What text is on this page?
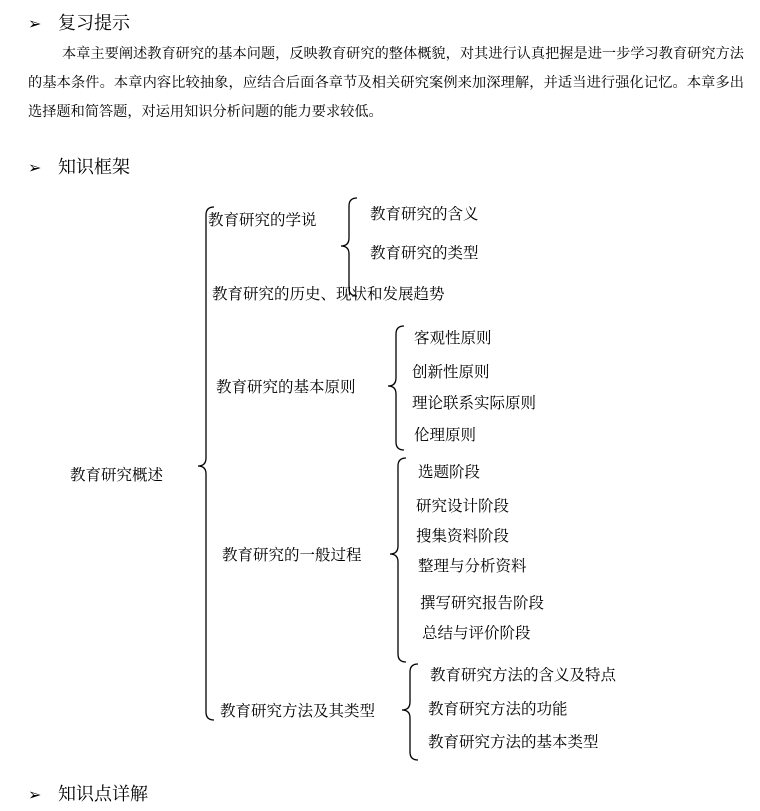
➢ 复习提示
本章主要阐述教育研究的基本问题，反映教育研究的整体概貌，对其进行认真把握是进一步学习教育研究方法的基本条件。本章内容比较抽象，应结合后面各章节及相关研究案例来加深理解，并适当进行强化记忆。本章多出选择题和简答题，对运用知识分析问题的能力要求较低。
➢ 知识框架
教育研究概述
教育研究的学说	教育研究的含义
教育研究的类型
教育研究的历史、现状和发展趋势
教育研究的基本原则
客观性原则
创新性原则
理论联系实际原则
伦理原则
教育研究的一般过程
选题阶段
研究设计阶段
搜集资料阶段
整理与分析资料
撰写研究报告阶段
总结与评价阶段
教育研究方法及其类型
教育研究方法的含义及特点
教育研究方法的功能
教育研究方法的基本类型
➢ 知识点详解
